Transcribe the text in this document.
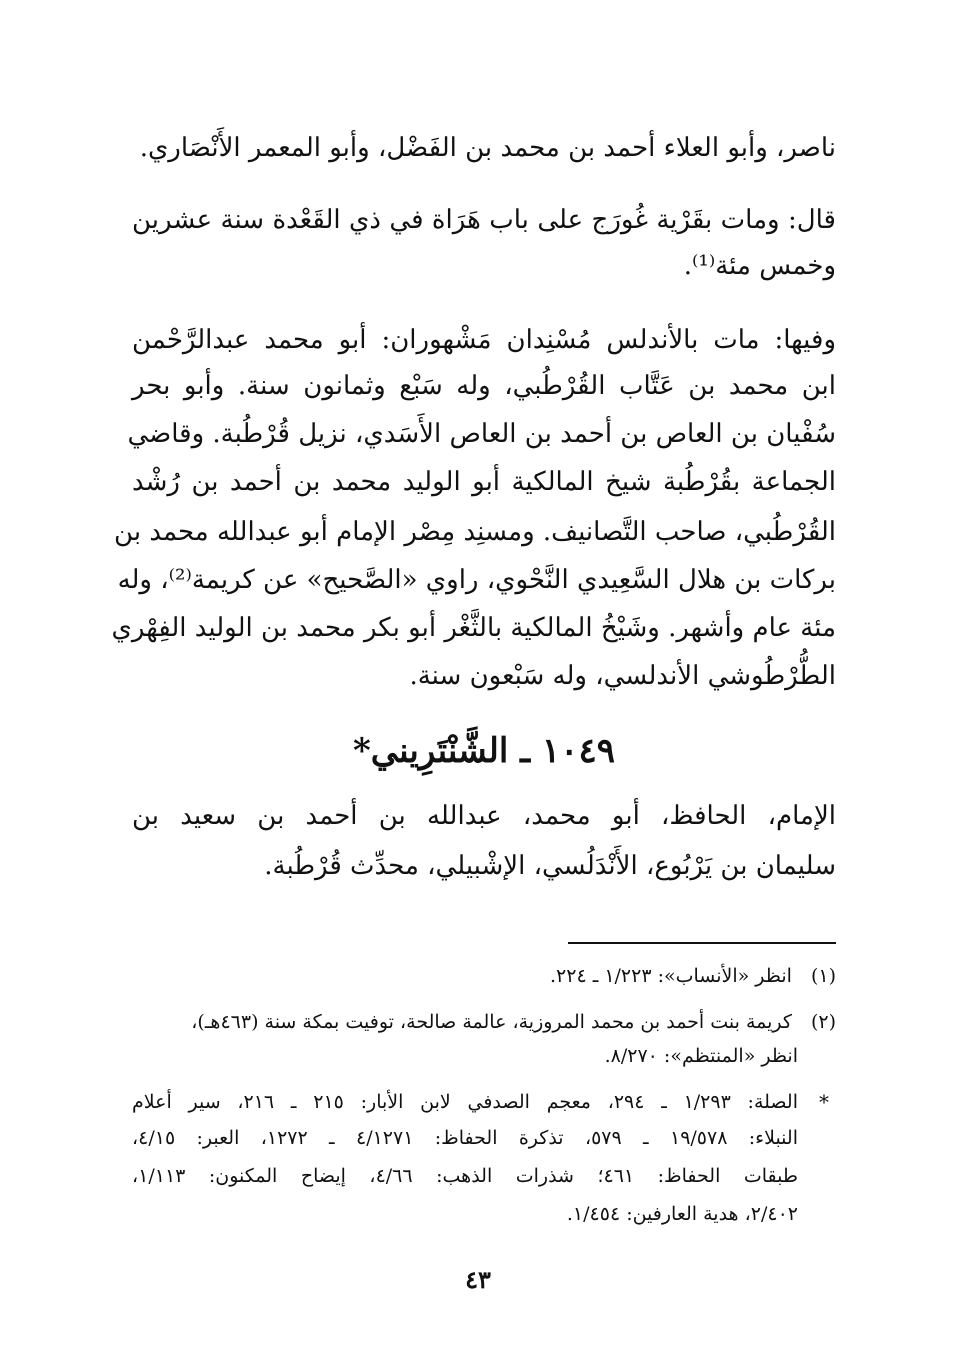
ناصر، وأبو العلاء أحمد بن محمد بن الفَضْل، وأبو المعمر الأَنْصَاري.
قال: ومات بقَرْية غُورَج على باب هَرَاة في ذي القَعْدة سنة عشرين
وخمس مئة⁽¹⁾.
وفيها: مات بالأندلس مُسْنِدان مَشْهوران: أبو محمد عبدالرَّحْمن
ابن محمد بن عَتَّاب القُرْطُبي، وله سَبْع وثمانون سنة. وأبو بحر
سُفْيان بن العاص بن أحمد بن العاص الأَسَدي، نزيل قُرْطُبة. وقاضي
الجماعة بقُرْطُبة شيخ المالكية أبو الوليد محمد بن أحمد بن رُشْد
القُرْطُبي، صاحب التَّصانيف. ومسنِد مِصْر الإمام أبو عبدالله محمد بن
بركات بن هلال السَّعِيدي النَّحْوي، راوي «الصَّحيح» عن كريمة⁽²⁾، وله
مئة عام وأشهر. وشَيْخُ المالكية بالثَّغْر أبو بكر محمد بن الوليد الفِهْري
الطُّرْطُوشي الأندلسي، وله سَبْعون سنة.
١٠٤٩ ـ الشَّنْتَرِيني*
الإمام، الحافظ، أبو محمد، عبدالله بن أحمد بن سعيد بن
سليمان بن يَرْبُوع، الأَنْدَلُسي، الإشْبيلي، محدِّث قُرْطُبة.
(١) انظر «الأنساب»: ١/٢٢٣ ـ ٢٢٤.
(٢) كريمة بنت أحمد بن محمد المروزية، عالمة صالحة، توفيت بمكة سنة (٤٦٣هـ)،
انظر «المنتظم»: ٨/٢٧٠.
*
الصلة: ١/٢٩٣ ـ ٢٩٤، معجم الصدفي لابن الأبار: ٢١٥ ـ ٢١٦، سير أعلام
النبلاء: ١٩/٥٧٨ ـ ٥٧٩، تذكرة الحفاظ: ٤/١٢٧١ ـ ١٢٧٢، العبر: ٤/١٥،
طبقات الحفاظ: ٤٦١؛ شذرات الذهب: ٤/٦٦، إيضاح المكنون: ١/١١٣،
٢/٤٠٢، هدية العارفين: ١/٤٥٤.
٤٣
